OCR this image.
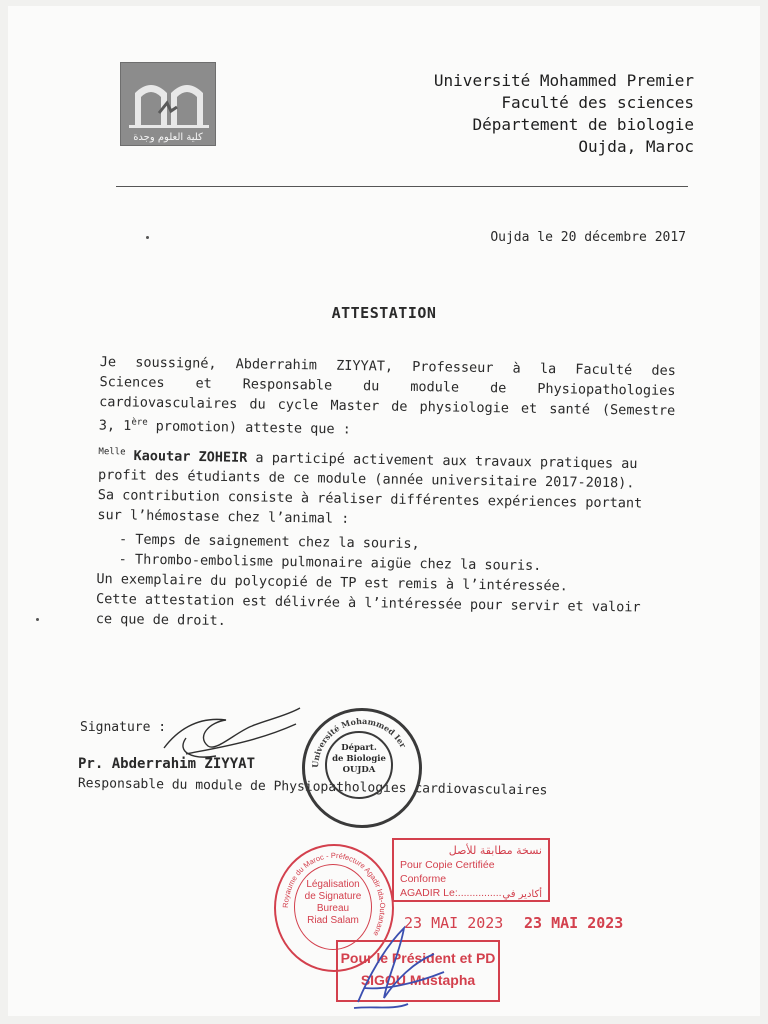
كلية العلوم وجدة
Université Mohammed Premier
Faculté des sciences
Département de biologie
Oujda, Maroc
Oujda le 20 décembre 2017
ATTESTATION

Je soussigné, Abderrahim ZIYYAT, Professeur à la Faculté des

Sciences et Responsable du module de Physiopathologies

cardiovasculaires du cycle Master de physiologie et santé (Semestre

3, 1ère promotion) atteste que :

$^{Melle}$ Kaoutar ZOHEIR a participé activement aux travaux pratiques au

profit des étudiants de ce module (année universitaire 2017-2018).

Sa contribution consiste à réaliser différentes expériences portant

sur l’hémostase chez l’animal :

- Temps de saignement chez la souris,

- Thrombo-embolisme pulmonaire aigüe chez la souris.

Un exemplaire du polycopié de TP est remis à l’intéressée.

Cette attestation est délivrée à l’intéressée pour servir et valoir

ce que de droit.

Signature :
Pr. Abderrahim ZIYYAT
Responsable du module de Physiopathologies cardiovasculaires
Université Mohammed Ier
Départ.
de Biologie
OUJDA
Royaume du Maroc - Préfecture Agadir Ida-Outanane
Légalisation
de Signature
Bureau
Riad Salam
نسخة مطابقة للأصل
Pour Copie Certifiée Conforme
AGADIR Le:............... أكادير في
23 MAI 2023 23 MAI 2023
Pour le Président et PD
SIGOU Mustapha
